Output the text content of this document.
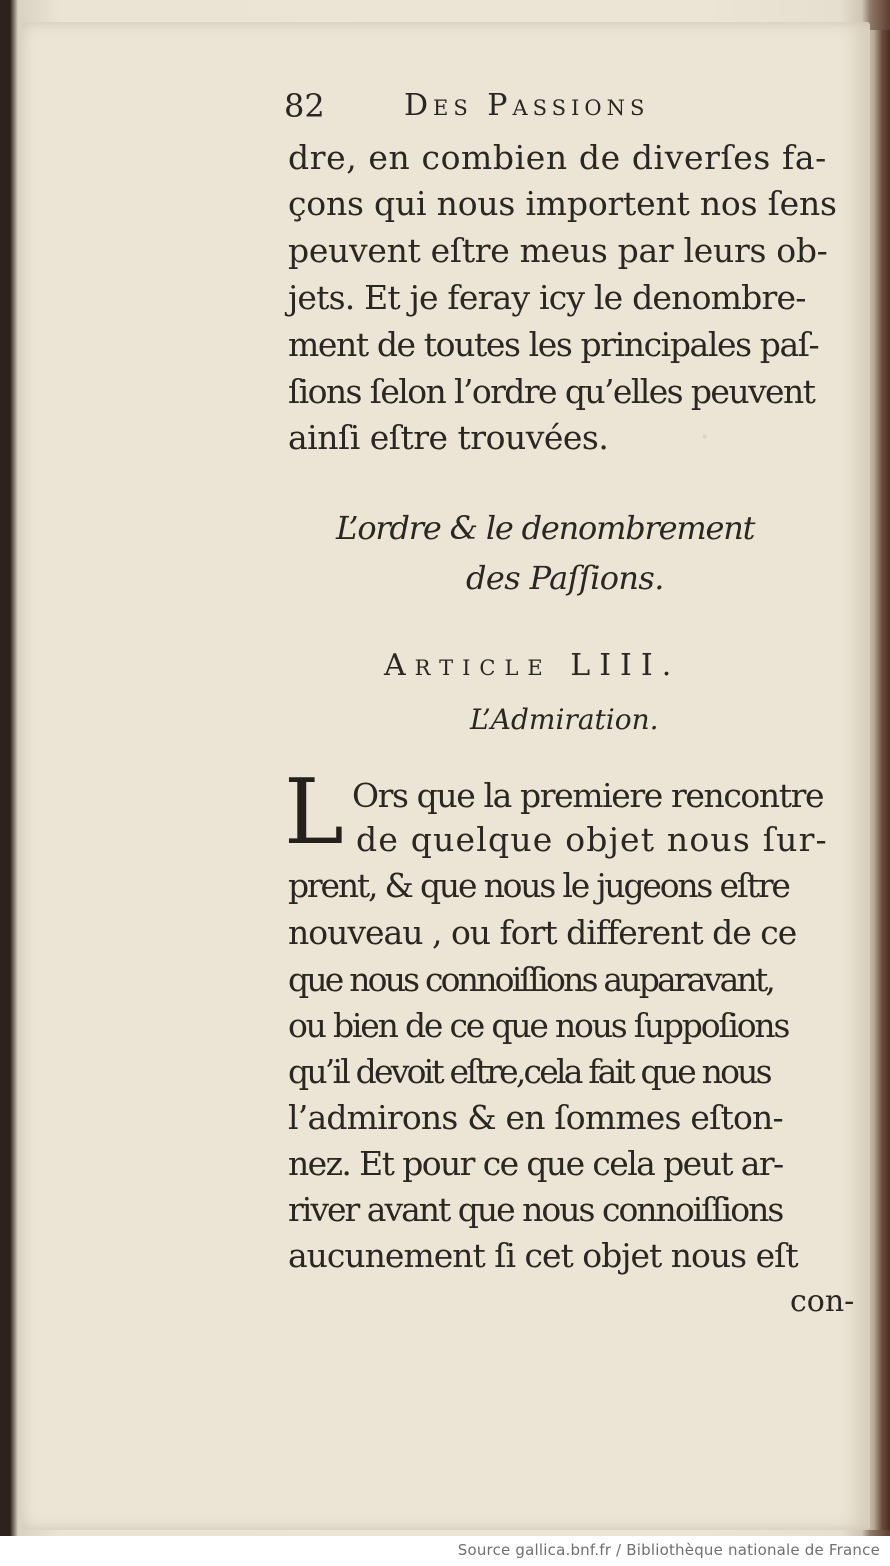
·
82	Des Passions
dre, en combien de diverſes fa-
çons qui nous importent nos ſens
peuvent eſtre meus par leurs ob-
jets. Et je feray icy le denombre-
ment de toutes les principales paſ-
ſions ſelon l’ordre qu’elles peuvent
ainſi eſtre trouvées.
L’ordre & le denombrement
des Paſſions.
Article LIII.
L’Admiration.
L Ors que la premiere rencontre
de quelque objet nous ſur-
prent, & que nous le jugeons eſtre
nouveau , ou fort different de ce
que nous connoiſſions auparavant,
ou bien de ce que nous ſuppoſions
qu’il devoit eſtre,cela fait que nous
l’admirons & en ſommes eſton-
nez. Et pour ce que cela peut ar-
river avant que nous connoiſſions
aucunement ſi cet objet nous eſt
con-
Source gallica.bnf.fr / Bibliothèque nationale de France
